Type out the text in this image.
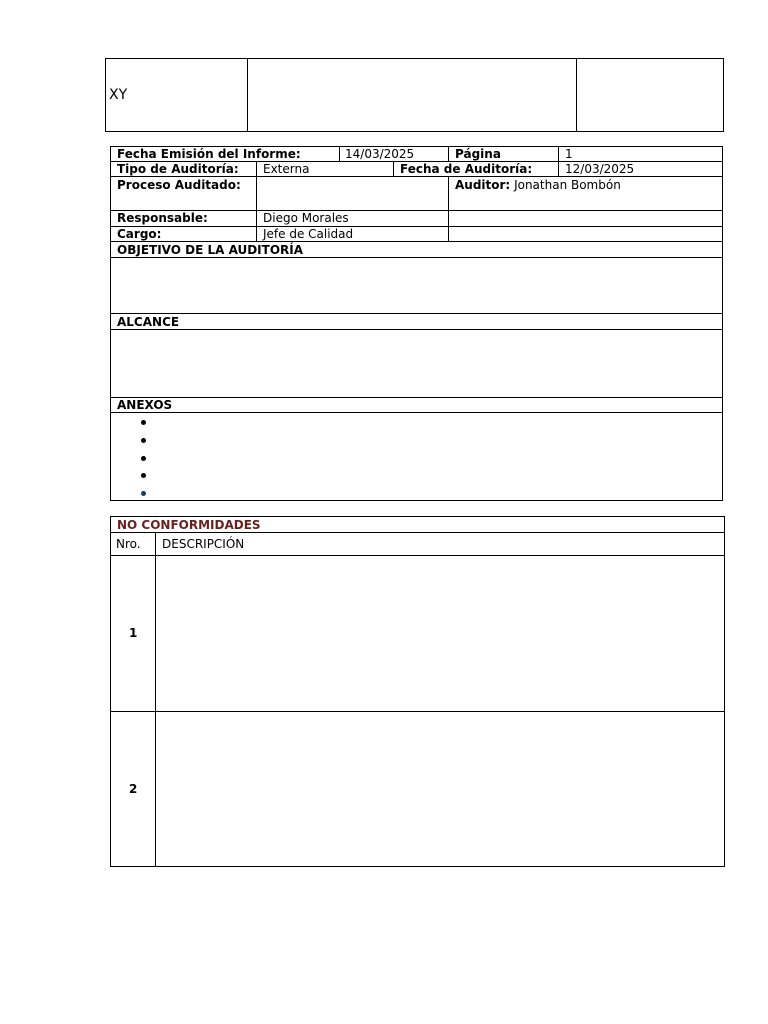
XY
Fecha Emisión del Informe:	14/03/2025	Página	1
Tipo de Auditoría: Externa	Fecha de Auditoría:	12/03/2025
Proceso Auditado:	Auditor: Jonathan Bombón
Responsable:	Diego Morales
Cargo:	Jefe de Calidad
OBJETIVO DE LA AUDITORÍA
ALCANCE
ANEXOS
NO CONFORMIDADES
Nro. DESCRIPCIÓN
1
2
